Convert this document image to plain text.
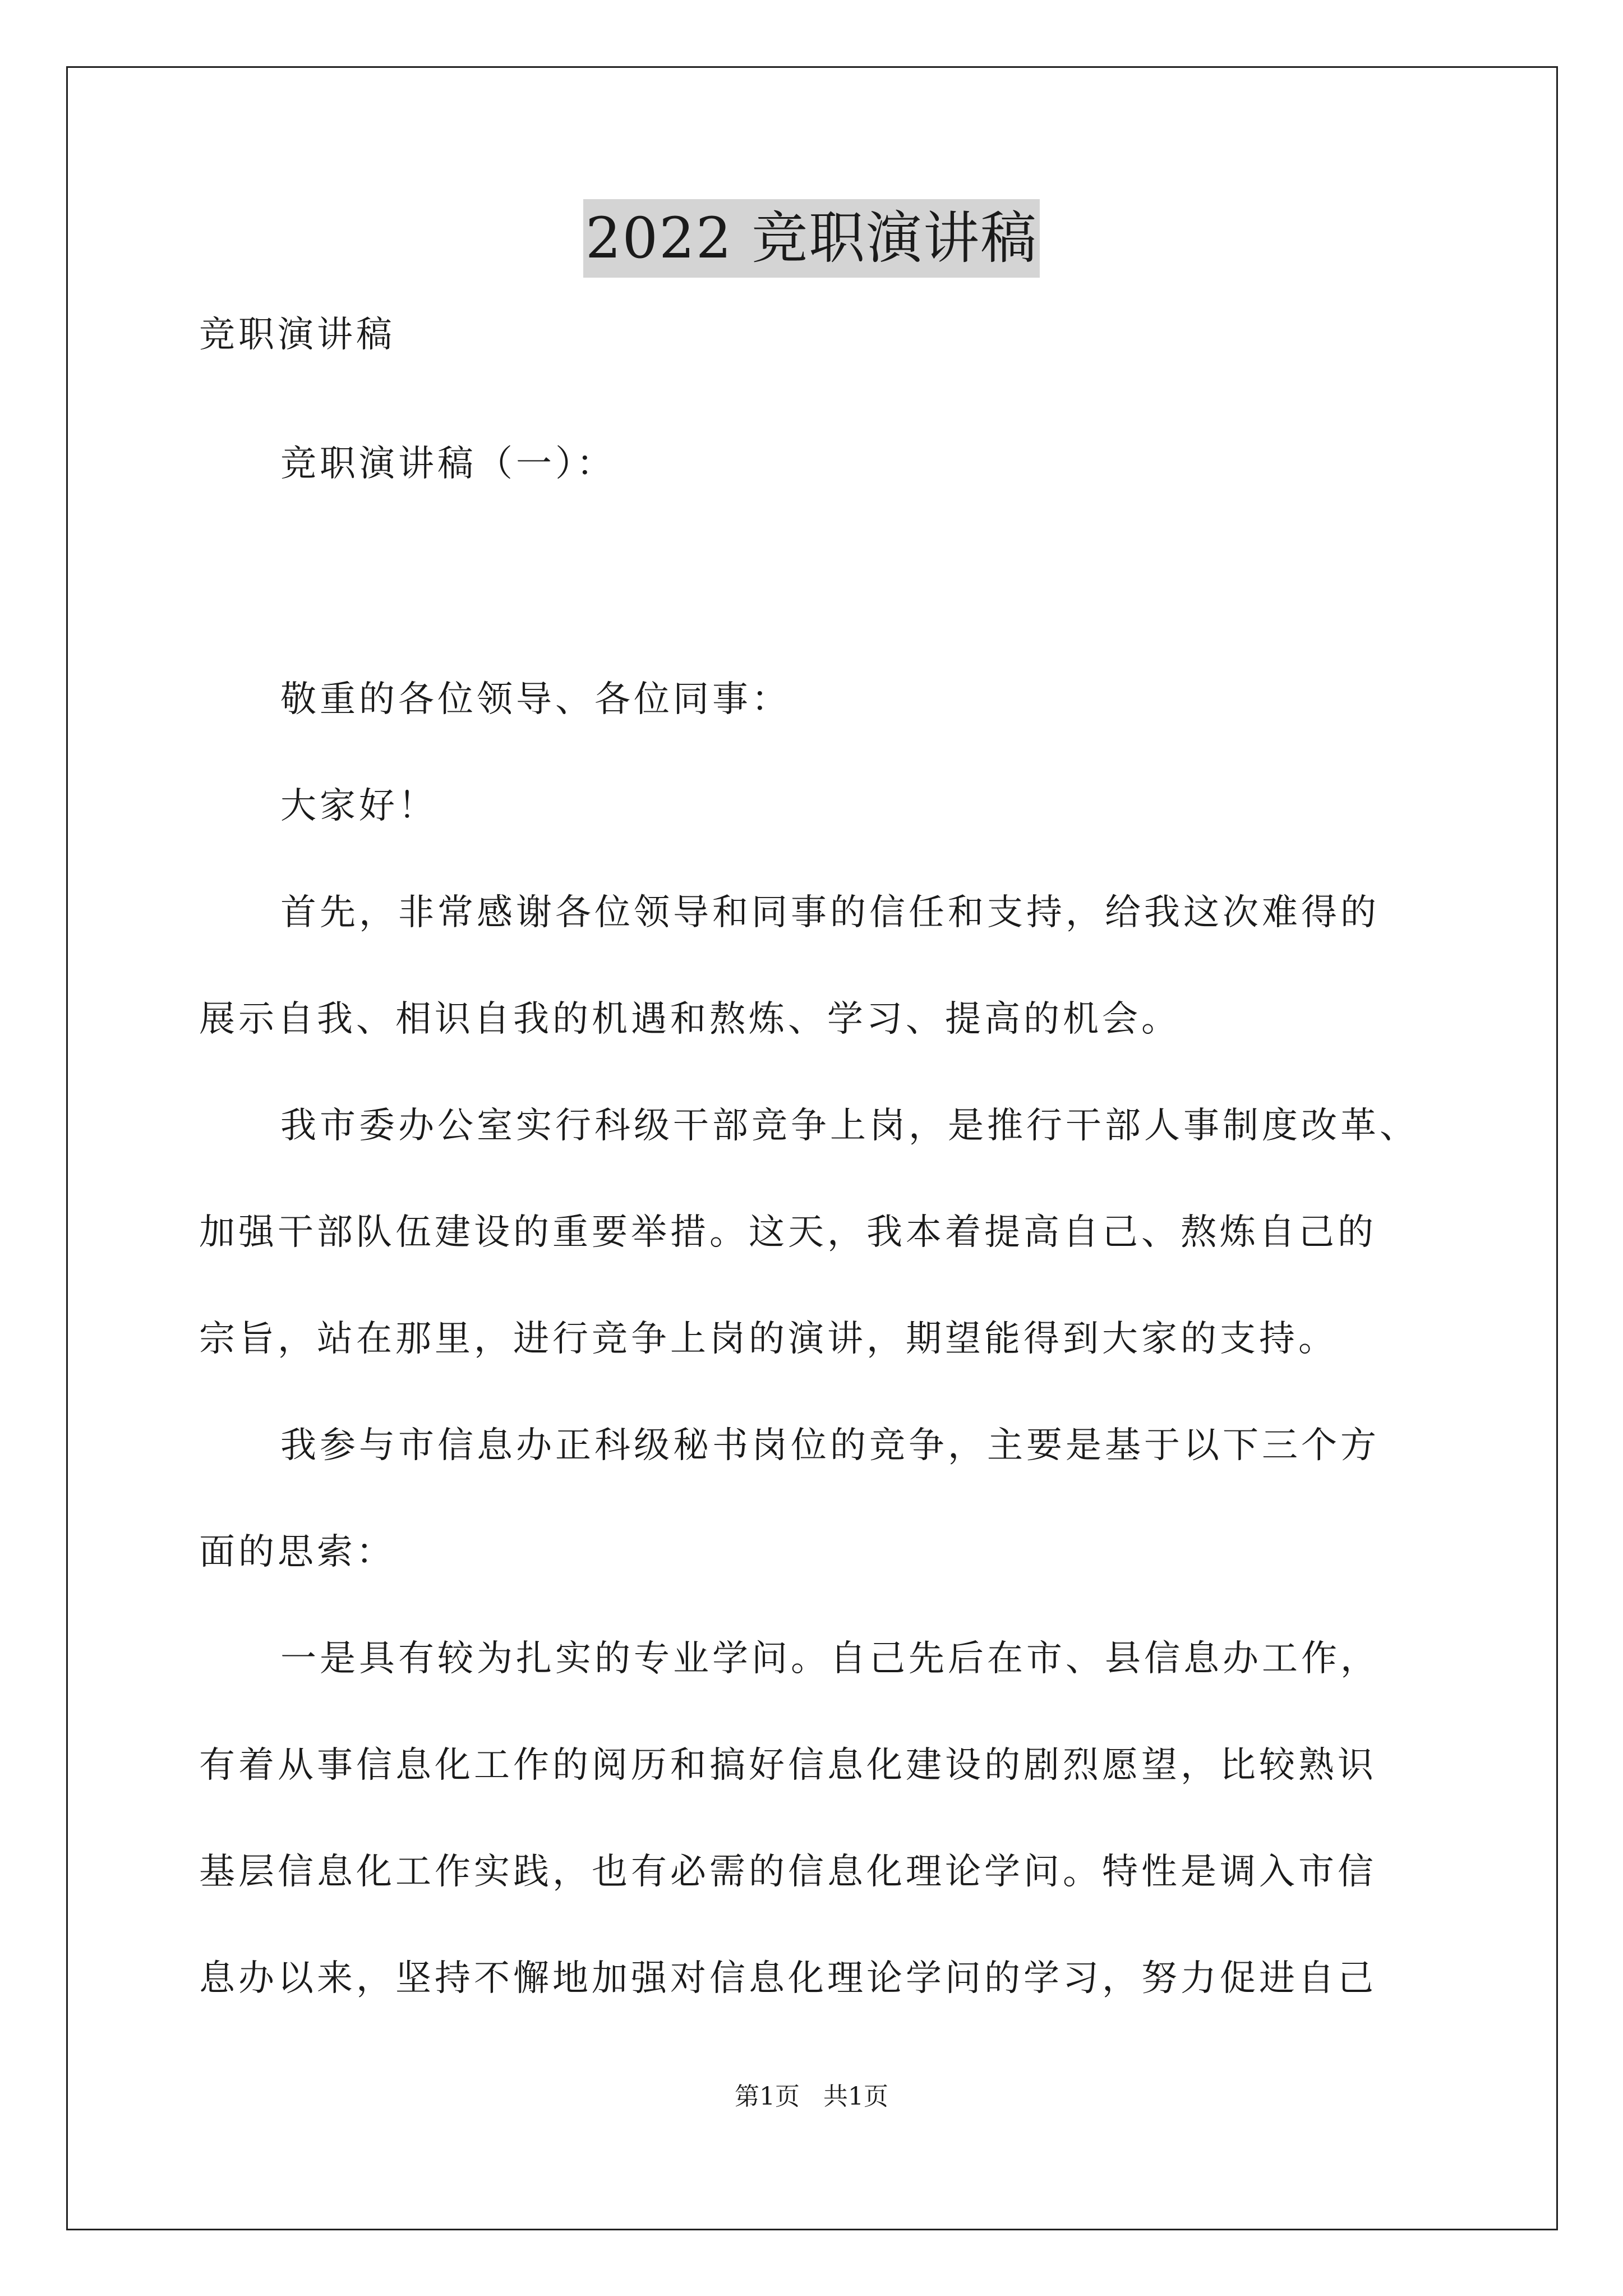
2022 竞职演讲稿
竞职演讲稿
竞职演讲稿（一）：
敬重的各位领导、各位同事：
大家好！
首先，非常感谢各位领导和同事的信任和支持，给我这次难得的
展示自我、相识自我的机遇和熬炼、学习、提高的机会。
我市委办公室实行科级干部竞争上岗，是推行干部人事制度改革、
加强干部队伍建设的重要举措。这天，我本着提高自己、熬炼自己的
宗旨，站在那里，进行竞争上岗的演讲，期望能得到大家的支持。
我参与市信息办正科级秘书岗位的竞争，主要是基于以下三个方
面的思索：
一是具有较为扎实的专业学问。自己先后在市、县信息办工作，
有着从事信息化工作的阅历和搞好信息化建设的剧烈愿望，比较熟识
基层信息化工作实践，也有必需的信息化理论学问。特性是调入市信
息办以来，坚持不懈地加强对信息化理论学问的学习，努力促进自己
第1页   共1页
